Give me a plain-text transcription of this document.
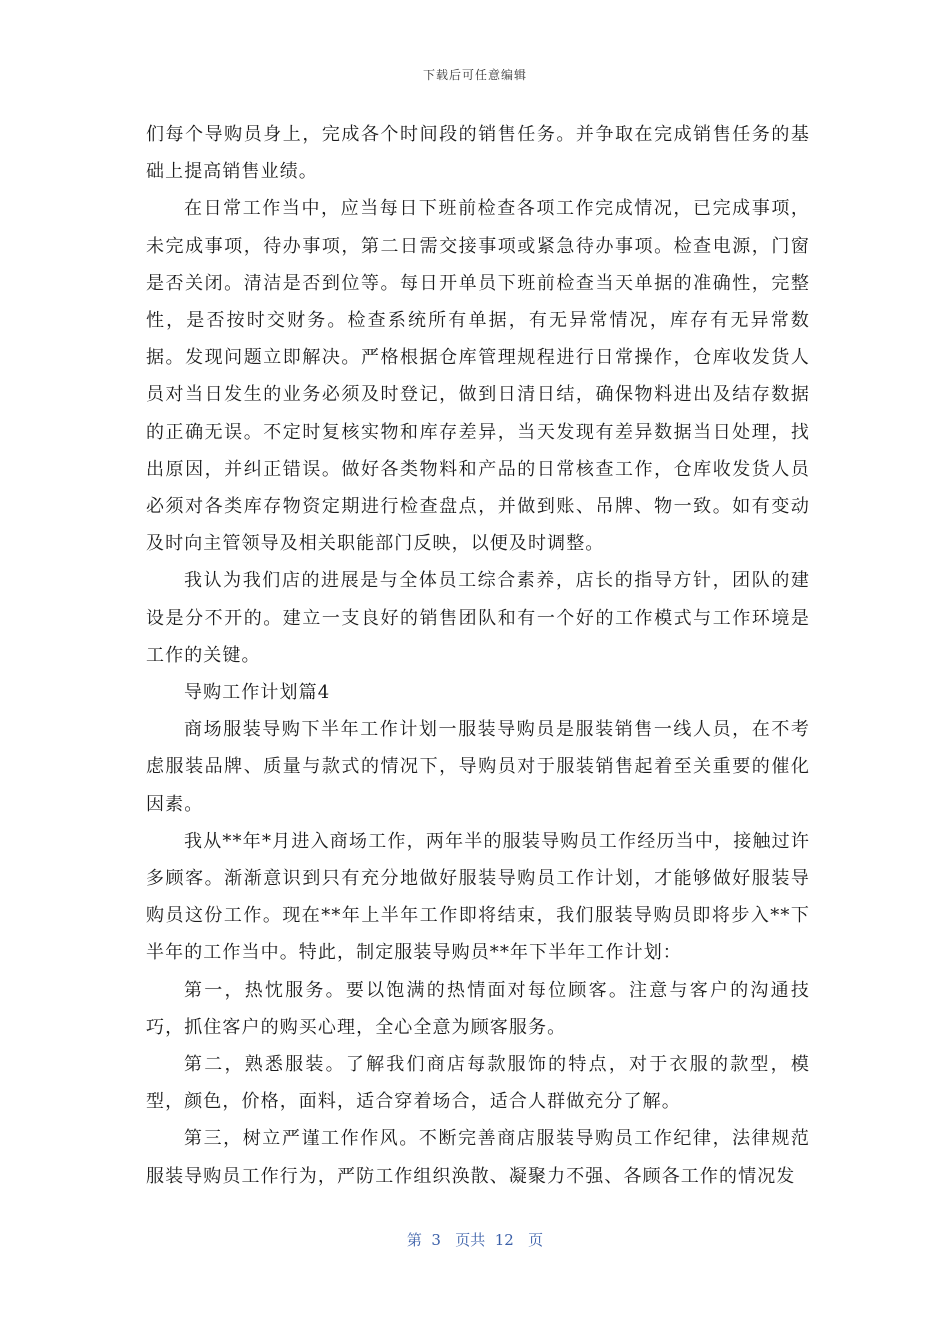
下载后可任意编辑

们每个导购员身上，完成各个时间段的销售任务。并争取在完成销售任务的基础上提高销售业绩。

在日常工作当中，应当每日下班前检查各项工作完成情况，已完成事项，未完成事项，待办事项，第二日需交接事项或紧急待办事项。检查电源，门窗是否关闭。清洁是否到位等。每日开单员下班前检查当天单据的准确性，完整性，是否按时交财务。检查系统所有单据，有无异常情况，库存有无异常数据。发现问题立即解决。严格根据仓库管理规程进行日常操作，仓库收发货人员对当日发生的业务必须及时登记，做到日清日结，确保物料进出及结存数据的正确无误。不定时复核实物和库存差异，当天发现有差异数据当日处理，找出原因，并纠正错误。做好各类物料和产品的日常核查工作，仓库收发货人员必须对各类库存物资定期进行检查盘点，并做到账、吊牌、物一致。如有变动及时向主管领导及相关职能部门反映，以便及时调整。

我认为我们店的进展是与全体员工综合素养，店长的指导方针，团队的建设是分不开的。建立一支良好的销售团队和有一个好的工作模式与工作环境是工作的关键。

导购工作计划篇4

商场服装导购下半年工作计划一服装导购员是服装销售一线人员，在不考虑服装品牌、质量与款式的情况下，导购员对于服装销售起着至关重要的催化因素。

我从**年*月进入商场工作，两年半的服装导购员工作经历当中，接触过许多顾客。渐渐意识到只有充分地做好服装导购员工作计划，才能够做好服装导购员这份工作。现在**年上半年工作即将结束，我们服装导购员即将步入**下半年的工作当中。特此，制定服装导购员**年下半年工作计划：

第一，热忱服务。要以饱满的热情面对每位顾客。注意与客户的沟通技巧，抓住客户的购买心理，全心全意为顾客服务。

第二，熟悉服装。了解我们商店每款服饰的特点，对于衣服的款型，模型，颜色，价格，面料，适合穿着场合，适合人群做充分了解。

第三，树立严谨工作作风。不断完善商店服装导购员工作纪律，法律规范服装导购员工作行为，严防工作组织涣散、凝聚力不强、各顾各工作的情况发

第  3   页共  12   页
